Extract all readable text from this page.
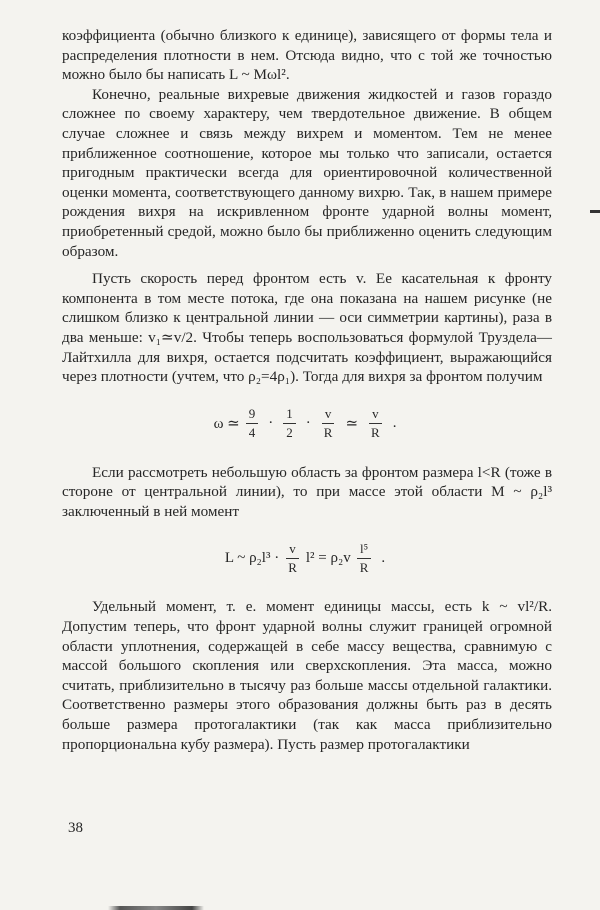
коэффициента (обычно близкого к единице), зависящего от формы тела и распределения плотности в нем. Отсюда видно, что с той же точностью можно было бы написать L ~ Mωl².

Конечно, реальные вихревые движения жидкостей и газов гораздо сложнее по своему характеру, чем твердотельное движение. В общем случае сложнее и связь между вихрем и моментом. Тем не менее приближенное соотношение, которое мы только что записали, остается пригодным практически всегда для ориентировочной количественной оценки момента, соответствующего данному вихрю. Так, в нашем примере рождения вихря на искривленном фронте ударной волны момент, приобретенный средой, можно было бы приближенно оценить следующим образом.

Пусть скорость перед фронтом есть v. Ее касательная к фронту компонента в том месте потока, где она показана на нашем рисунке (не слишком близко к центральной линии — оси симметрии картины), раза в два меньше: v₁≃v/2. Чтобы теперь воспользоваться формулой Труздела—Лайтхилла для вихря, остается подсчитать коэффициент, выражающийся через плотности (учтем, что ρ₂=4ρ₁). Тогда для вихря за фронтом получим

ω ≃ $\frac{9}{4} \cdot \frac{1}{2} \cdot \frac{v}{R}$ ≃ $\frac{v}{R}$ .

Если рассмотреть небольшую область за фронтом размера l<R (тоже в стороне от центральной линии), то при массе этой области M ~ ρ₂l³ заключенный в ней момент

L ~ $\rho_2l^3 \cdot \frac{v}{R} l^2 = \rho_2v \frac{\text{l⁵}}{R}$ .

Удельный момент, т. е. момент единицы массы, есть k ~ vl²/R. Допустим теперь, что фронт ударной волны служит границей огромной области уплотнения, содержащей в себе массу вещества, сравнимую с массой большого скопления или сверхскопления. Эта масса, можно считать, приблизительно в тысячу раз больше массы отдельной галактики. Соответственно размеры этого образования должны быть раз в десять больше размера протогалактики (так как масса приблизительно пропорциональна кубу размера). Пусть размер протогалактики

38
